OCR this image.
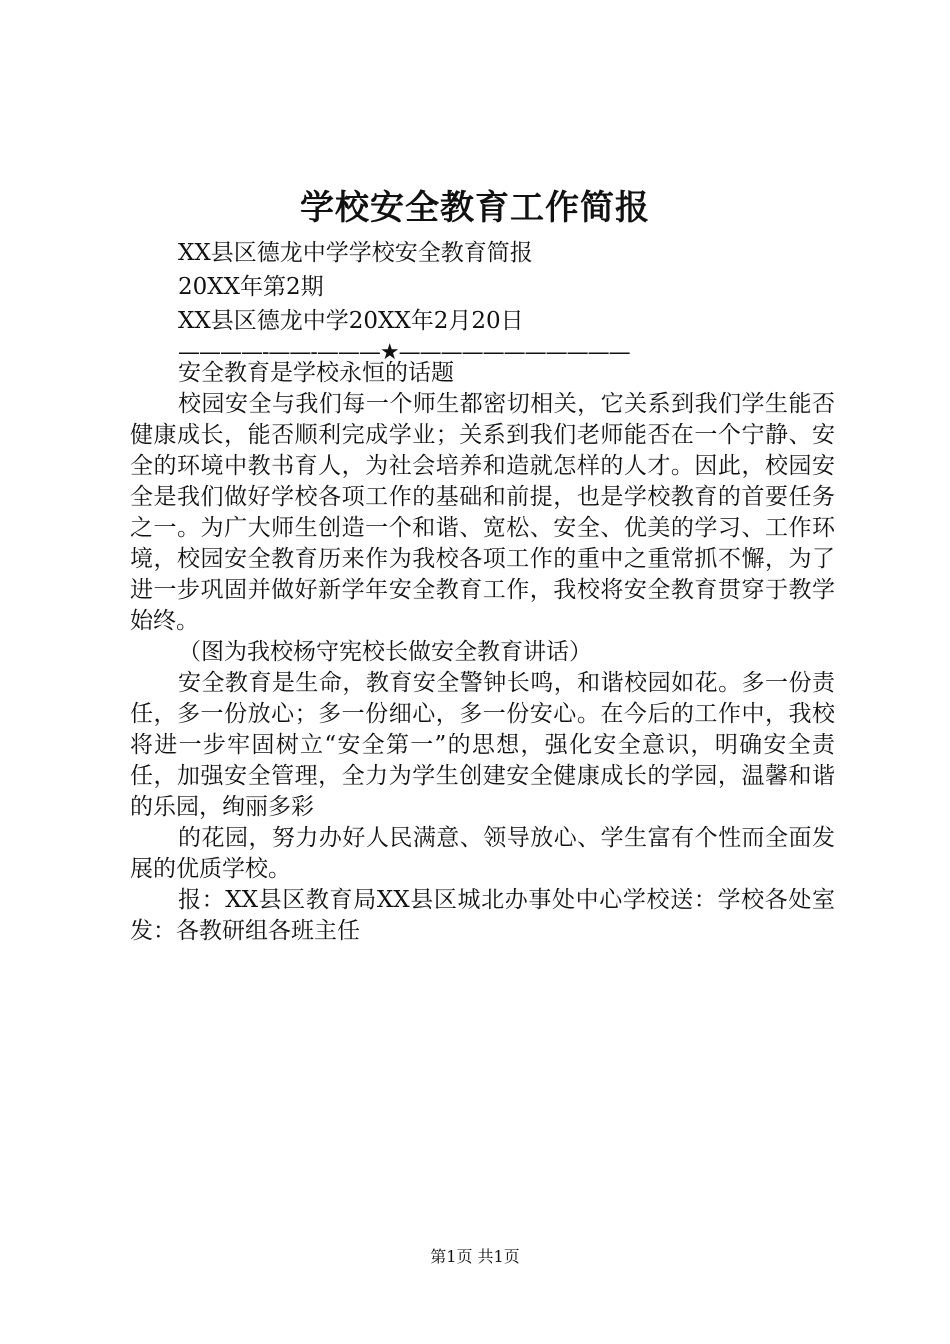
学校安全教育工作简报
XX县区德龙中学学校安全教育简报
20XX年第2期
XX县区德龙中学20XX年2月20日
————-——-———★———————————

安全教育是学校永恒的话题

校园安全与我们每一个师生都密切相关，它关系到我们学生能否健康成长，能否顺利完成学业；关系到我们老师能否在一个宁静、安全的环境中教书育人，为社会培养和造就怎样的人才。因此，校园安全是我们做好学校各项工作的基础和前提，也是学校教育的首要任务之一。为广大师生创造一个和谐、宽松、安全、优美的学习、工作环境，校园安全教育历来作为我校各项工作的重中之重常抓不懈，为了进一步巩固并做好新学年安全教育工作，我校将安全教育贯穿于教学始终。

（图为我校杨守宪校长做安全教育讲话）

安全教育是生命，教育安全警钟长鸣，和谐校园如花。多一份责任，多一份放心；多一份细心，多一份安心。在今后的工作中，我校将进一步牢固树立“安全第一”的思想，强化安全意识，明确安全责任，加强安全管理，全力为学生创建安全健康成长的学园，温馨和谐的乐园，绚丽多彩

的花园，努力办好人民满意、领导放心、学生富有个性而全面发展的优质学校。

报：XX县区教育局XX县区城北办事处中心学校送：学校各处室发：各教研组各班主任

第1页 共1页
